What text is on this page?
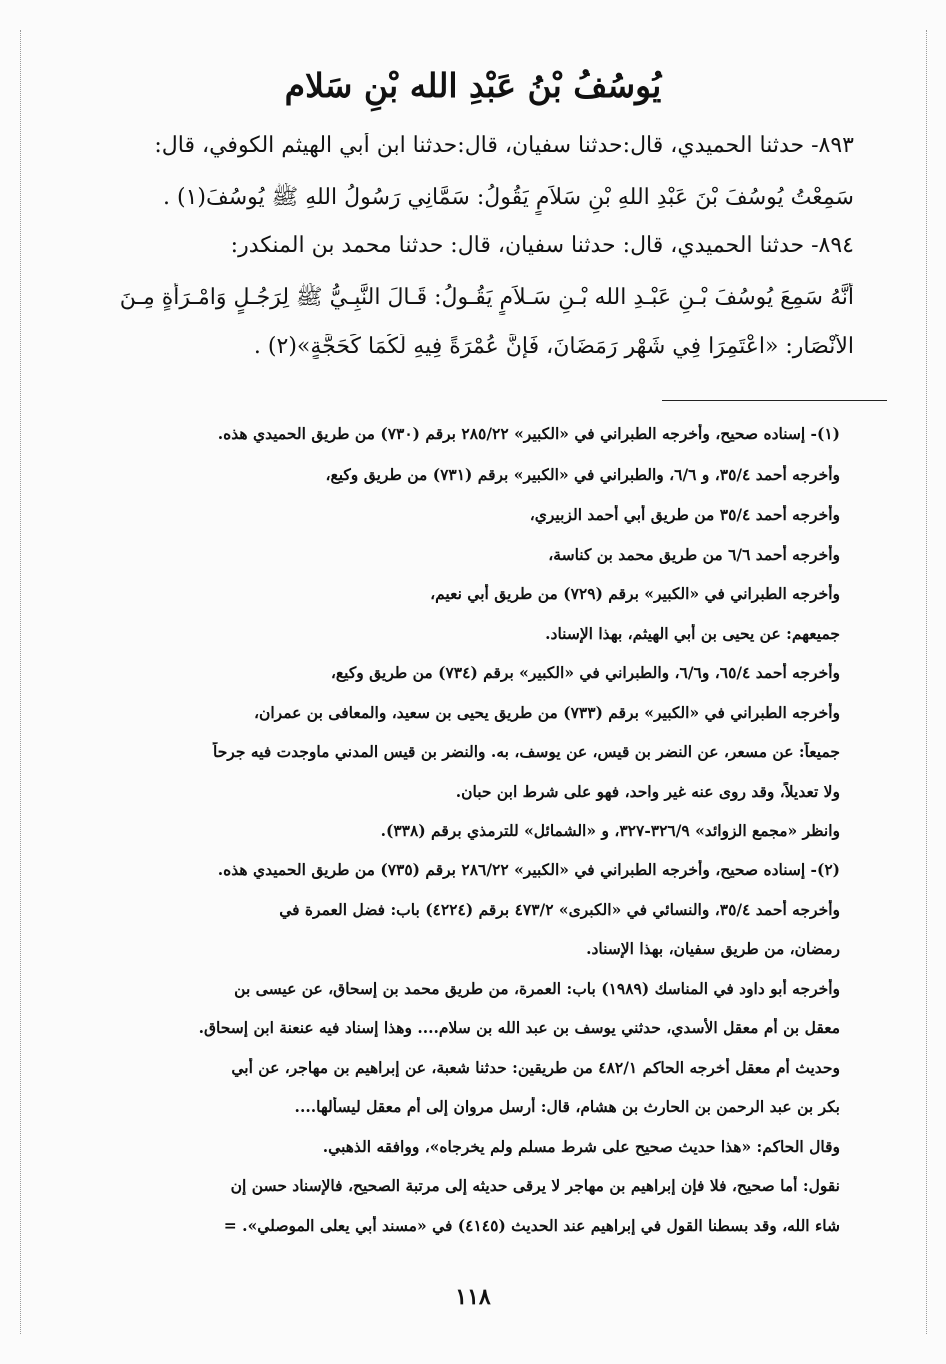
يُوسُفُ بْنُ عَبْدِ الله بْنِ سَلام
٨٩٣- حدثنا الحميدي، قال:حدثنا سفيان، قال:حدثنا ابن أبي الهيثم الكوفي، قال:
سَمِعْتُ يُوسُفَ بْنَ عَبْدِ اللهِ بْنِ سَلاَمٍ يَقُولُ: سَمَّانِي رَسُولُ اللهِ ﷺ يُوسُفَ(١) .
٨٩٤- حدثنا الحميدي، قال: حدثنا سفيان، قال: حدثنا محمد بن المنكدر:
أَنَّهُ سَمِعَ يُوسُفَ بْـنِ عَبْـدِ الله بْـنِ سَـلاَمٍ يَقُـولُ: قَـالَ النَّبِـيُّ ﷺ لِرَجُـلٍ وَامْـرَأَةٍ مِـنَ
الأَنْصَارِ: «اعْتَمِرَا فِي شَهْرِ رَمَضَانَ، فَإِنَّ عُمْرَةً فِيهِ لَكُمَا كَحَجَّةٍ»(٢) .
(١)- إسناده صحيح، وأخرجه الطبراني في «الكبير» ٢٨٥/٢٢ برقم (٧٣٠) من طريق الحميدي هذه.
وأخرجه أحمد ٣٥/٤، و ٦/٦، والطبراني في «الكبير» برقم (٧٣١) من طريق وكيع،
وأخرجه أحمد ٣٥/٤ من طريق أبي أحمد الزبيري،
وأخرجه أحمد ٦/٦ من طريق محمد بن كناسة،
وأخرجه الطبراني في «الكبير» برقم (٧٢٩) من طريق أبي نعيم،
جميعهم: عن يحيى بن أبي الهيثم، بهذا الإسناد.
وأخرجه أحمد ٦٥/٤، و٦/٦، والطبراني في «الكبير» برقم (٧٣٤) من طريق وكيع،
وأخرجه الطبراني في «الكبير» برقم (٧٣٣) من طريق يحيى بن سعيد، والمعافى بن عمران،
جميعاً: عن مسعر، عن النضر بن قيس، عن يوسف، به. والنضر بن قيس المدني ماوجدت فيه جرحاً
ولا تعديلاً، وقد روى عنه غير واحد، فهو على شرط ابن حبان.
وانظر «مجمع الزوائد» ٣٢٦/٩-٣٢٧، و «الشمائل» للترمذي برقم (٣٣٨).
(٢)- إسناده صحيح، وأخرجه الطبراني في «الكبير» ٢٨٦/٢٢ برقم (٧٣٥) من طريق الحميدي هذه.
وأخرجه أحمد ٣٥/٤، والنسائي في «الكبرى» ٤٧٣/٢ برقم (٤٢٢٤) باب: فضل العمرة في
رمضان، من طريق سفيان، بهذا الإسناد.
وأخرجه أبو داود في المناسك (١٩٨٩) باب: العمرة، من طريق محمد بن إسحاق، عن عيسى بن
معقل بن أم معقل الأسدي، حدثني يوسف بن عبد الله بن سلام.... وهذا إسناد فيه عنعنة ابن إسحاق.
وحديث أم معقل أخرجه الحاكم ٤٨٢/١ من طريقين: حدثنا شعبة، عن إبراهيم بن مهاجر، عن أبي
بكر بن عبد الرحمن بن الحارث بن هشام، قال: أرسل مروان إلى أم معقل ليسألها....
وقال الحاكم: «هذا حديث صحيح على شرط مسلم ولم يخرجاه»، ووافقه الذهبي.
نقول: أما صحيح، فلا فإن إبراهيم بن مهاجر لا يرقى حديثه إلى مرتبة الصحيح، فالإسناد حسن إن
شاء الله، وقد بسطنا القول في إبراهيم عند الحديث (٤١٤٥) في «مسند أبي يعلى الموصلي». =
١١٨
